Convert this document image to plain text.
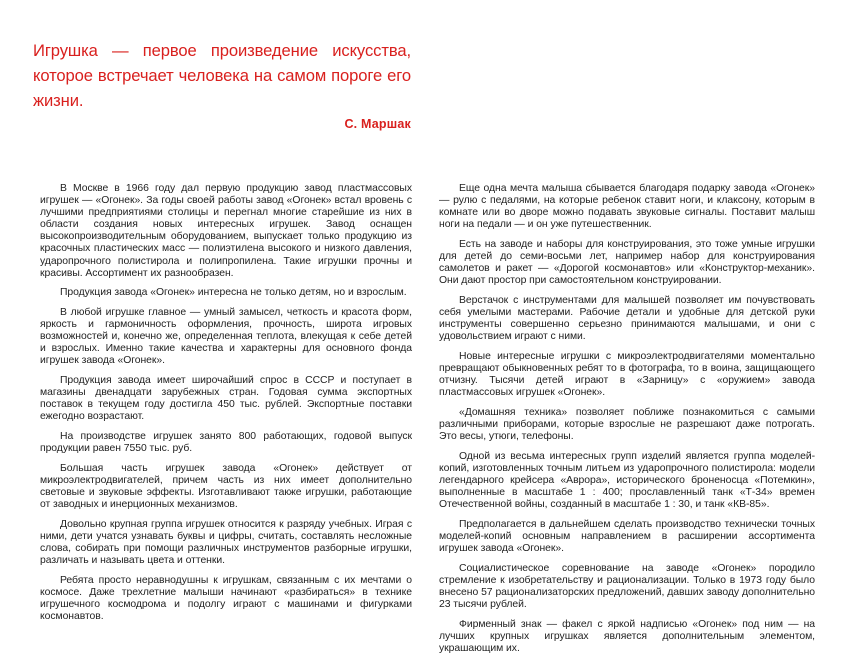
Игрушка — первое произведение искусства, которое встречает человека на самом пороге его жизни.

С. Маршак

В Москве в 1966 году дал первую продукцию завод пластмассовых игрушек — «Огонек». За годы своей работы завод «Огонек» встал вровень с лучшими предприятиями столицы и перегнал многие старейшие из них в области создания новых интересных игрушек. Завод оснащен высокопроизводительным оборудованием, выпускает только продукцию из красочных пластических масс — полиэтилена высокого и низкого давления, ударопрочного полистирола и полипропилена. Такие игрушки прочны и красивы. Ассортимент их разнообразен.

Продукция завода «Огонек» интересна не только детям, но и взрослым.

В любой игрушке главное — умный замысел, четкость и красота форм, яркость и гармоничность оформления, прочность, широта игровых возможностей и, конечно же, определенная теплота, влекущая к себе детей и взрослых. Именно такие качества и характерны для основного фонда игрушек завода «Огонек».

Продукция завода имеет широчайший спрос в СССР и поступает в магазины двенадцати зарубежных стран. Годовая сумма экспортных поставок в текущем году достигла 450 тыс. рублей. Экспортные поставки ежегодно возрастают.

На производстве игрушек занято 800 работающих, годовой выпуск продукции равен 7550 тыс. руб.

Большая часть игрушек завода «Огонек» действует от микроэлектродвигателей, причем часть из них имеет дополнительно световые и звуковые эффекты. Изготавливают также игрушки, работающие от заводных и инерционных механизмов.

Довольно крупная группа игрушек относится к разряду учебных. Играя с ними, дети учатся узнавать буквы и цифры, считать, составлять несложные слова, собирать при помощи различных инструментов разборные игрушки, различать и называть цвета и оттенки.

Ребята просто неравнодушны к игрушкам, связанным с их мечтами о космосе. Даже трехлетние малыши начинают «разбираться» в технике игрушечного космодрома и подолгу играют с машинами и фигурками космонавтов.

Еще одна мечта малыша сбывается благодаря подарку завода «Огонек» — рулю с педалями, на которые ребенок ставит ноги, и клаксону, которым в комнате или во дворе можно подавать звуковые сигналы. Поставит малыш ноги на педали — и он уже путешественник.

Есть на заводе и наборы для конструирования, это тоже умные игрушки для детей до семи-восьми лет, например набор для конструирования самолетов и ракет — «Дорогой космонавтов» или «Конструктор-механик». Они дают простор при самостоятельном конструировании.

Верстачок с инструментами для малышей позволяет им почувствовать себя умелыми мастерами. Рабочие детали и удобные для детской руки инструменты совершенно серьезно принимаются малышами, и они с удовольствием играют с ними.

Новые интересные игрушки с микроэлектродвигателями моментально превращают обыкновенных ребят то в фотографа, то в воина, защищающего отчизну. Тысячи детей играют в «Зарницу» с «оружием» завода пластмассовых игрушек «Огонек».

«Домашняя техника» позволяет поближе познакомиться с самыми различными приборами, которые взрослые не разрешают даже потрогать. Это весы, утюги, телефоны.

Одной из весьма интересных групп изделий является группа моделей-копий, изготовленных точным литьем из ударопрочного полистирола: модели легендарного крейсера «Аврора», исторического броненосца «Потемкин», выполненные в масштабе 1 : 400; прославленный танк «Т-34» времен Отечественной войны, созданный в масштабе 1 : 30, и танк «КВ-85».

Предполагается в дальнейшем сделать производство технически точных моделей-копий основным направлением в расширении ассортимента игрушек завода «Огонек».

Социалистическое соревнование на заводе «Огонек» породило стремление к изобретательству и рационализации. Только в 1973 году было внесено 57 рационализаторских предложений, давших заводу дополнительно 23 тысячи рублей.

Фирменный знак — факел с яркой надписью «Огонек» под ним — на лучших крупных игрушках является дополнительным элементом, украшающим их.
